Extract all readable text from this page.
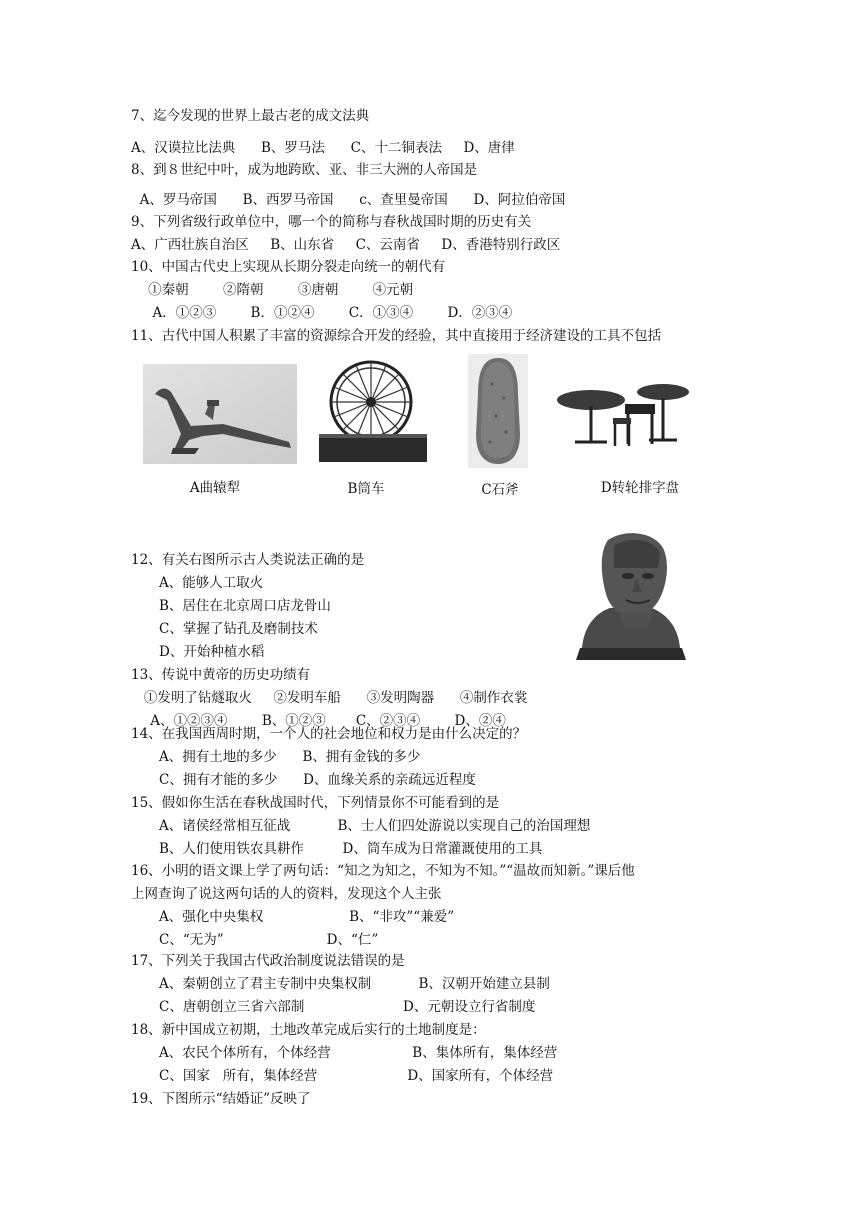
7、迄今发现的世界上最古老的成文法典
A、汉谟拉比法典      B、罗马法      C、十二铜表法     D、唐律
8、到８世纪中叶，成为地跨欧、亚、非三大洲的人帝国是
A、罗马帝国      B、西罗马帝国      c、查里曼帝国      D、阿拉伯帝国
9、下列省级行政单位中，哪一个的简称与春秋战国时期的历史有关
A、广西壮族自治区     B、山东省     C、云南省     D、香港特别行政区
10、中国古代史上实现从长期分裂走向统一的朝代有
①秦朝        ②隋朝        ③唐朝        ④元朝
A．①②③        B．①②④        C．①③④        D．②③④
11、古代中国人积累了丰富的资源综合开发的经验，其中直接用于经济建设的工具不包括
A曲辕犁	B筒车	C石斧	D转轮排字盘
12、有关右图所示古人类说法正确的是
A、能够人工取火
B、居住在北京周口店龙骨山
C、掌握了钻孔及磨制技术
D、开始种植水稻
13、传说中黄帝的历史功绩有
①发明了钻燧取火     ②发明车船      ③发明陶器      ④制作衣裳
A、①②③④        B、①②③       C、②③④        D、②④
14、在我国西周时期，一个人的社会地位和权力是由什么决定的？
A、拥有土地的多少      B、拥有金钱的多少
C、拥有才能的多少      D、血缘关系的亲疏远近程度
15、假如你生活在春秋战国时代，下列情景你不可能看到的是
A、诸侯经常相互征战           B、士人们四处游说以实现自己的治国理想
B、人们使用铁农具耕作         D、筒车成为日常灌溉使用的工具
16、小明的语文课上学了两句话：“知之为知之，不知为不知。”“温故而知新。”课后他
上网查询了说这两句话的人的资料，发现这个人主张
A、强化中央集权                    B、“非攻”“兼爱”
C、“无为”                        D、“仁”
17、下列关于我国古代政治制度说法错误的是
A、秦朝创立了君主专制中央集权制           B、汉朝开始建立县制
C、唐朝创立三省六部制                       D、元朝设立行省制度
18、新中国成立初期，土地改革完成后实行的土地制度是：
A、农民个体所有，个体经营                   B、集体所有，集体经营
C、国家   所有，集体经营                     D、国家所有，个体经营
19、下图所示“结婚证”反映了
